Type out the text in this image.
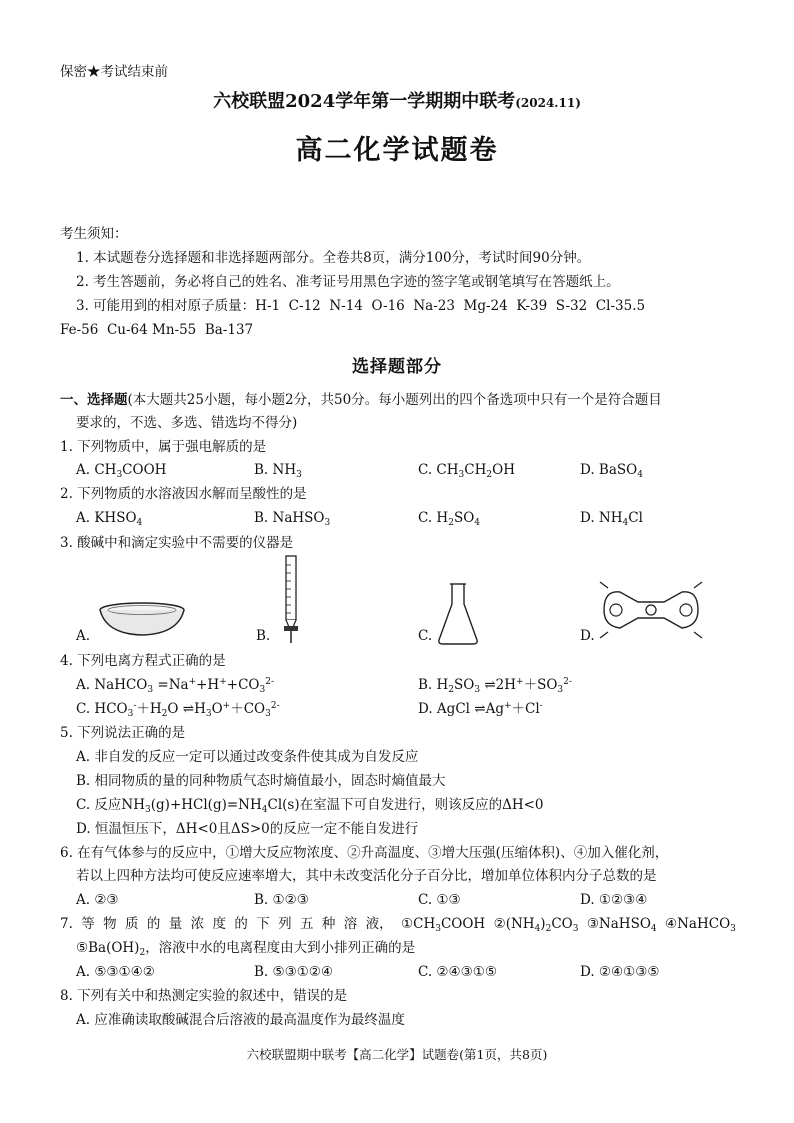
保密★考试结束前
六校联盟2024学年第一学期期中联考(2024.11)
高二化学试题卷
考生须知：
1. 本试题卷分选择题和非选择题两部分。全卷共8页，满分100分，考试时间90分钟。
2. 考生答题前，务必将自己的姓名、准考证号用黑色字迹的签字笔或钢笔填写在答题纸上。
3. 可能用到的相对原子质量：H-1  C-12  N-14  O-16  Na-23  Mg-24  K-39  S-32  Cl-35.5
Fe-56  Cu-64 Mn-55  Ba-137
选择题部分
一、选择题(本大题共25小题，每小题2分，共50分。每小题列出的四个备选项中只有一个是符合题目
要求的，不选、多选、错选均不得分)
1. 下列物质中，属于强电解质的是
A. $CH_3COOH$	B. $NH_3$	C. $CH_3CH_2OH$	D. BaSO$_4$
2. 下列物质的水溶液因水解而呈酸性的是
A. $KHSO_4$	B. NaHSO$_3$	C. $H_2SO_4$	D. $NH_4Cl$
3. 酸碱中和滴定实验中不需要的仪器是
A.	B.	C.	D.
4. 下列电离方程式正确的是
A. NaHCO$_3$ $=Na^++H^++CO_3^{2-}$	B. $H_2SO_3$ $\rightleftharpoons 2H^++SO_3^{2-}$
C. $HCO_3^-+H_2O$ $\rightleftharpoons H_3O^++CO_3^{2-}$	D. AgCl ⇌Ag+＋Cl-
5. 下列说法正确的是
A. 非自发的反应一定可以通过改变条件使其成为自发反应
B. 相同物质的量的同种物质气态时熵值最小，固态时熵值最大
C. 反应$NH_3(g)+HCl(g)=NH_4Cl(s)$在室温下可自发进行，则该反应的ΔH<0
D. 恒温恒压下，ΔH<0且ΔS>0的反应一定不能自发进行
6. 在有气体参与的反应中，①增大反应物浓度、②升高温度、③增大压强(压缩体积)、④加入催化剂，
若以上四种方法均可使反应速率增大，其中未改变活化分子百分比，增加单位体积内分子总数的是
A. ②③	B. ①②③	C. ①③	D. ①②③④
7. 等 物 质 的 量 浓 度 的 下 列 五 种 溶 液， $①CH_3COOH$ $②(NH_4)_2CO_3$ ③NaHSO$_4$ ④NaHCO$_3$
$⑤Ba(OH)_2$，溶液中水的电离程度由大到小排列正确的是
A. ⑤③①④②	B. ⑤③①②④	C. ②④③①⑤	D. ②④①③⑤
8. 下列有关中和热测定实验的叙述中，错误的是
A. 应准确读取酸碱混合后溶液的最高温度作为最终温度
六校联盟期中联考【高二化学】试题卷(第1页，共8页)
